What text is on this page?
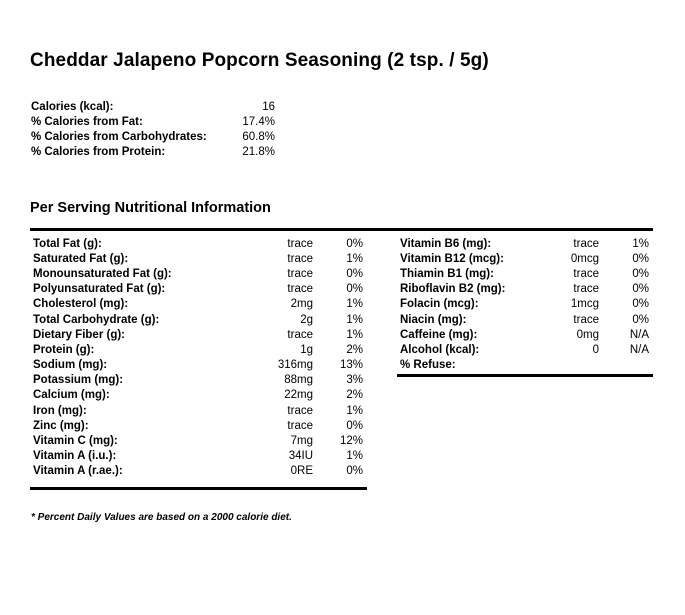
Cheddar Jalapeno Popcorn Seasoning (2 tsp. / 5g)
Calories (kcal):	16
% Calories from Fat:	17.4%
% Calories from Carbohydrates:	60.8%
% Calories from Protein:	21.8%
Per Serving Nutritional Information
Total Fat (g):	trace	0%
Saturated Fat (g):	trace	1%
Monounsaturated Fat (g):	trace	0%
Polyunsaturated Fat (g):	trace	0%
Cholesterol (mg):	2mg	1%
Total Carbohydrate (g):	2g	1%
Dietary Fiber (g):	trace	1%
Protein (g):	1g	2%
Sodium (mg):	316mg	13%
Potassium (mg):	88mg	3%
Calcium (mg):	22mg	2%
Iron (mg):	trace	1%
Zinc (mg):	trace	0%
Vitamin C (mg):	7mg	12%
Vitamin A (i.u.):	34IU	1%
Vitamin A (r.ae.):	0RE	0%
Vitamin B6 (mg):	trace	1%
Vitamin B12 (mcg):	0mcg	0%
Thiamin B1 (mg):	trace	0%
Riboflavin B2 (mg):	trace	0%
Folacin (mcg):	1mcg	0%
Niacin (mg):	trace	0%
Caffeine (mg):	0mg	N/A
Alcohol (kcal):	0	N/A
% Refuse:		
* Percent Daily Values are based on a 2000 calorie diet.
